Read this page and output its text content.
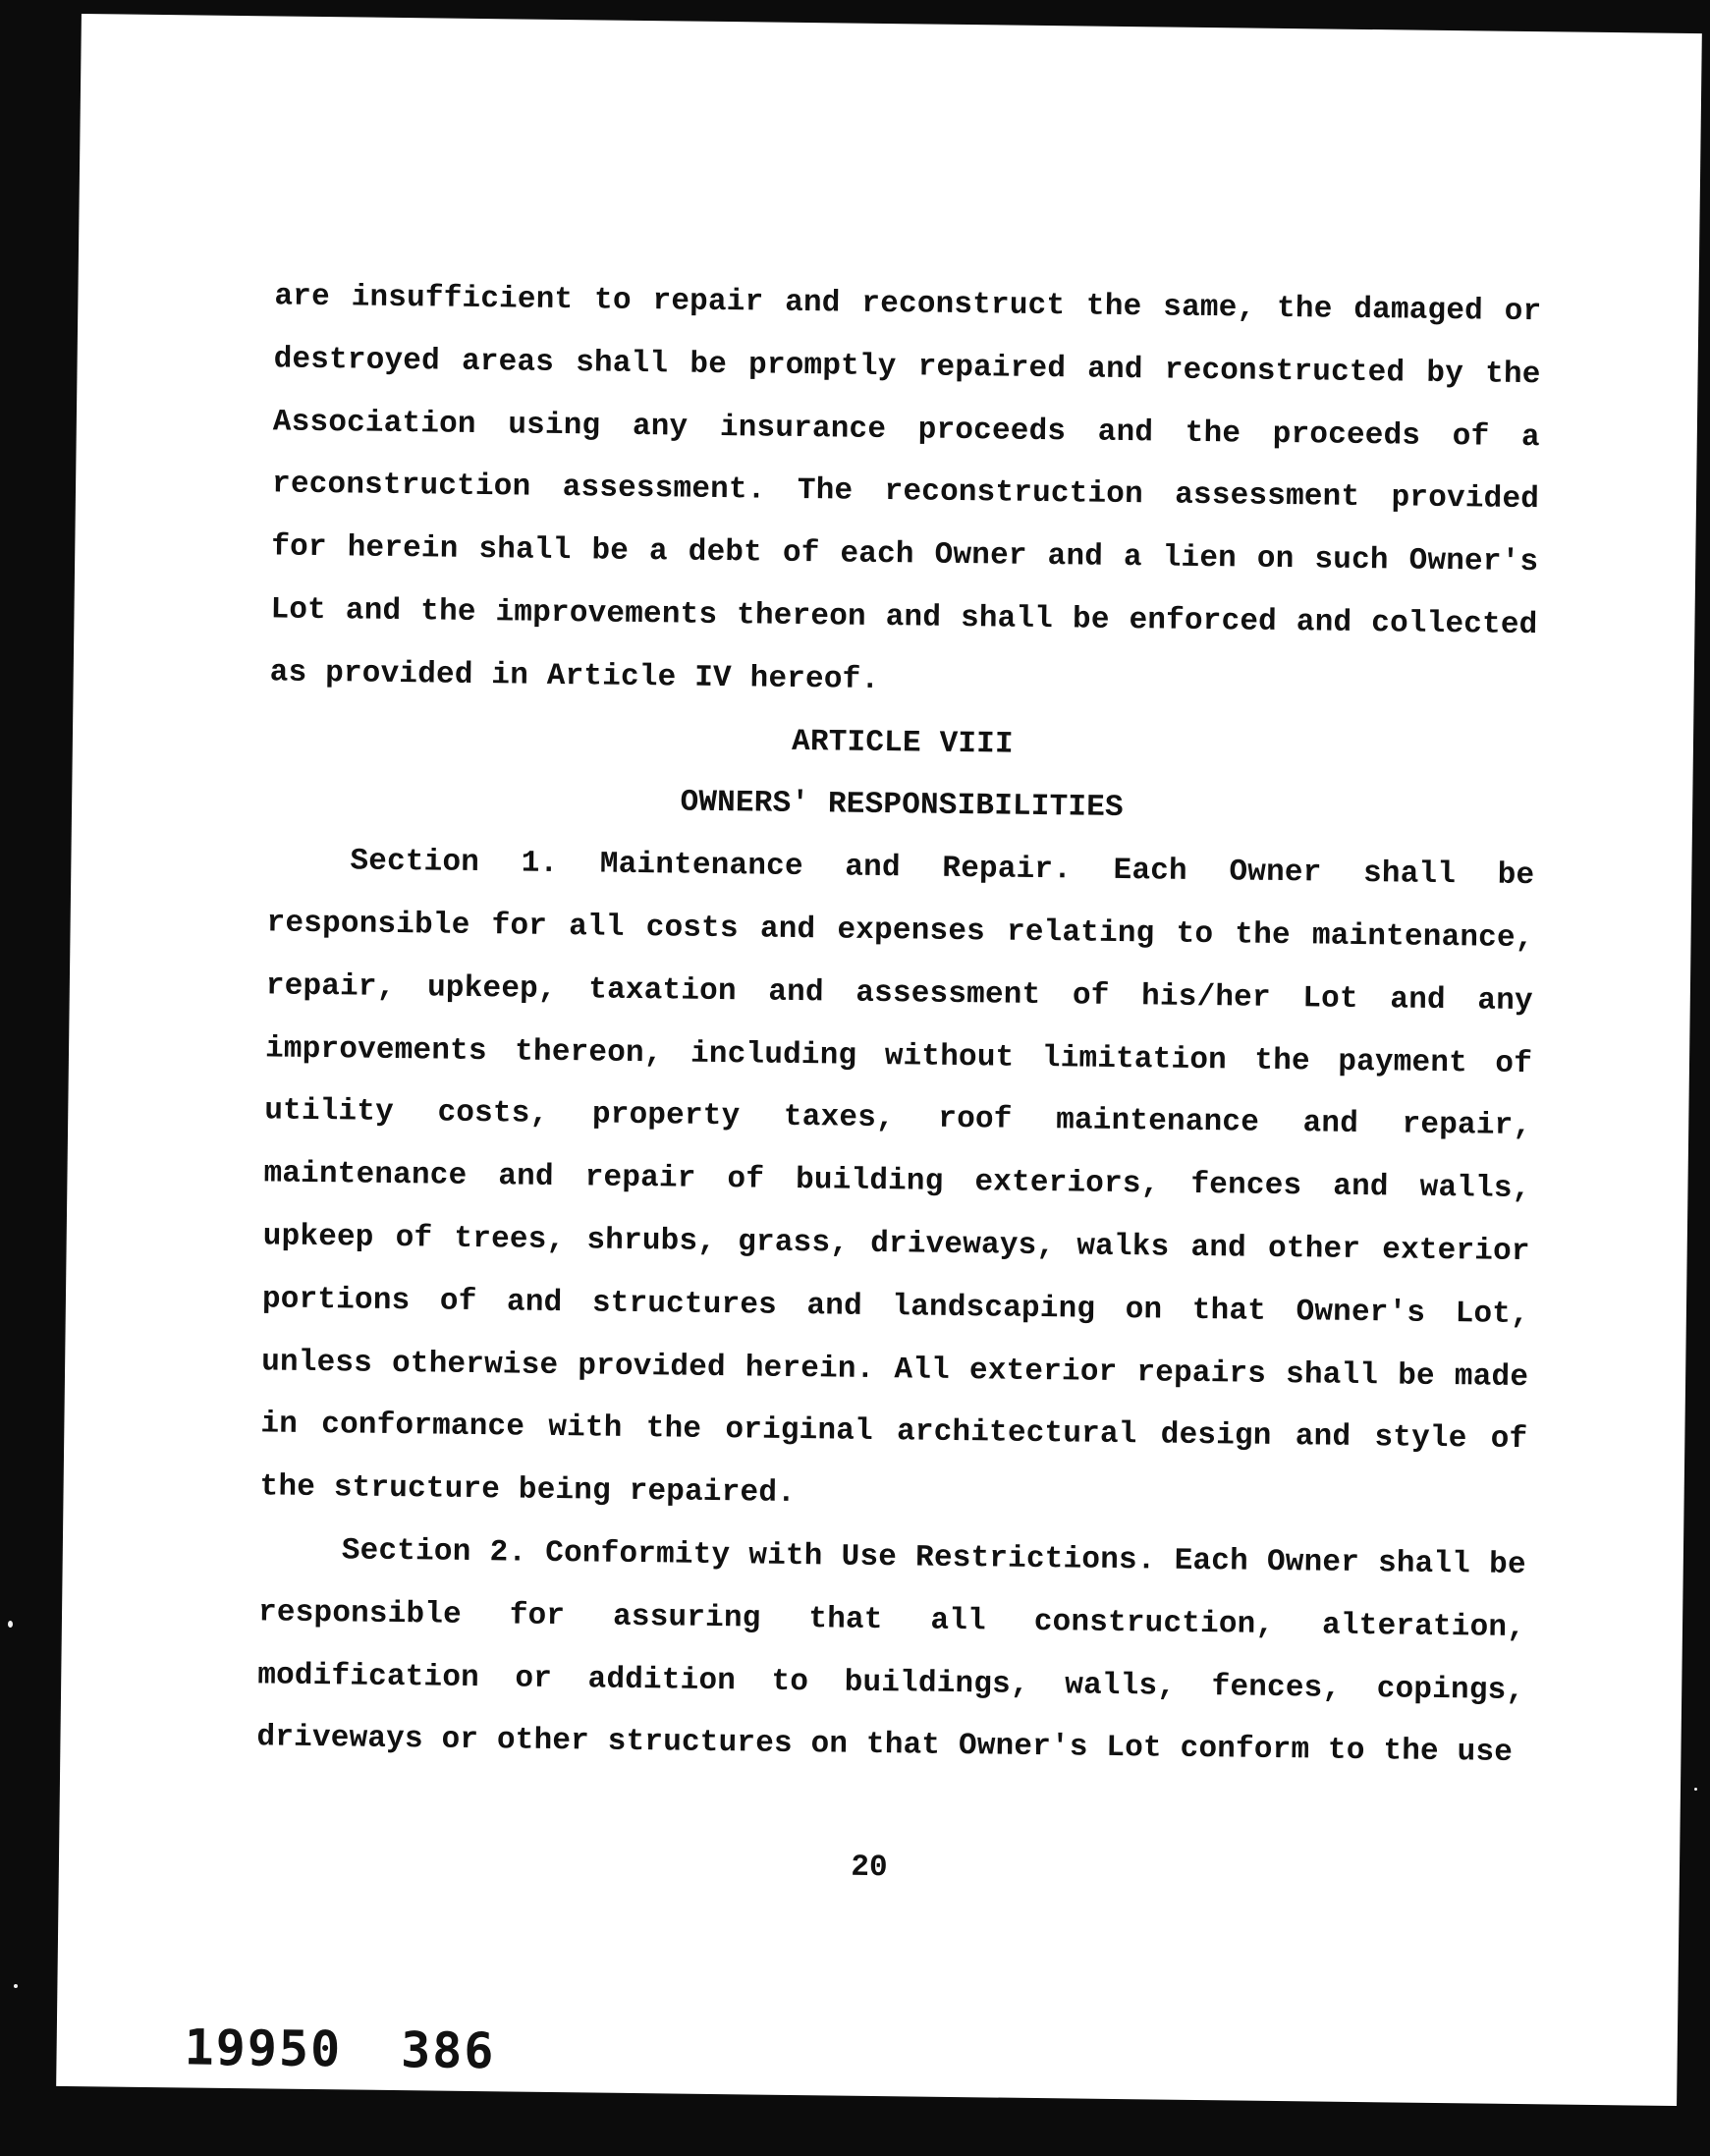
are insufficient to repair and reconstruct the same, the damaged or destroyed areas shall be promptly repaired and reconstructed by the Association using any insurance proceeds and the proceeds of a reconstruction assessment. The reconstruction assessment provided for herein shall be a debt of each Owner and a lien on such Owner's Lot and the improvements thereon and shall be enforced and collected as provided in Article IV hereof.

ARTICLE VIII

OWNERS' RESPONSIBILITIES

Section 1. Maintenance and Repair. Each Owner shall be responsible for all costs and expenses relating to the maintenance, repair, upkeep, taxation and assessment of his/her Lot and any improvements thereon, including without limitation the payment of utility costs, property taxes, roof maintenance and repair, maintenance and repair of building exteriors, fences and walls, upkeep of trees, shrubs, grass, driveways, walks and other exterior portions of and structures and landscaping on that Owner's Lot, unless otherwise provided herein. All exterior repairs shall be made in conformance with the original architectural design and style of the structure being repaired.

Section 2. Conformity with Use Restrictions. Each Owner shall be responsible for assuring that all construction, alteration, modification or addition to buildings, walls, fences, copings, driveways or other structures on that Owner's Lot conform to the use

20
19950 386
